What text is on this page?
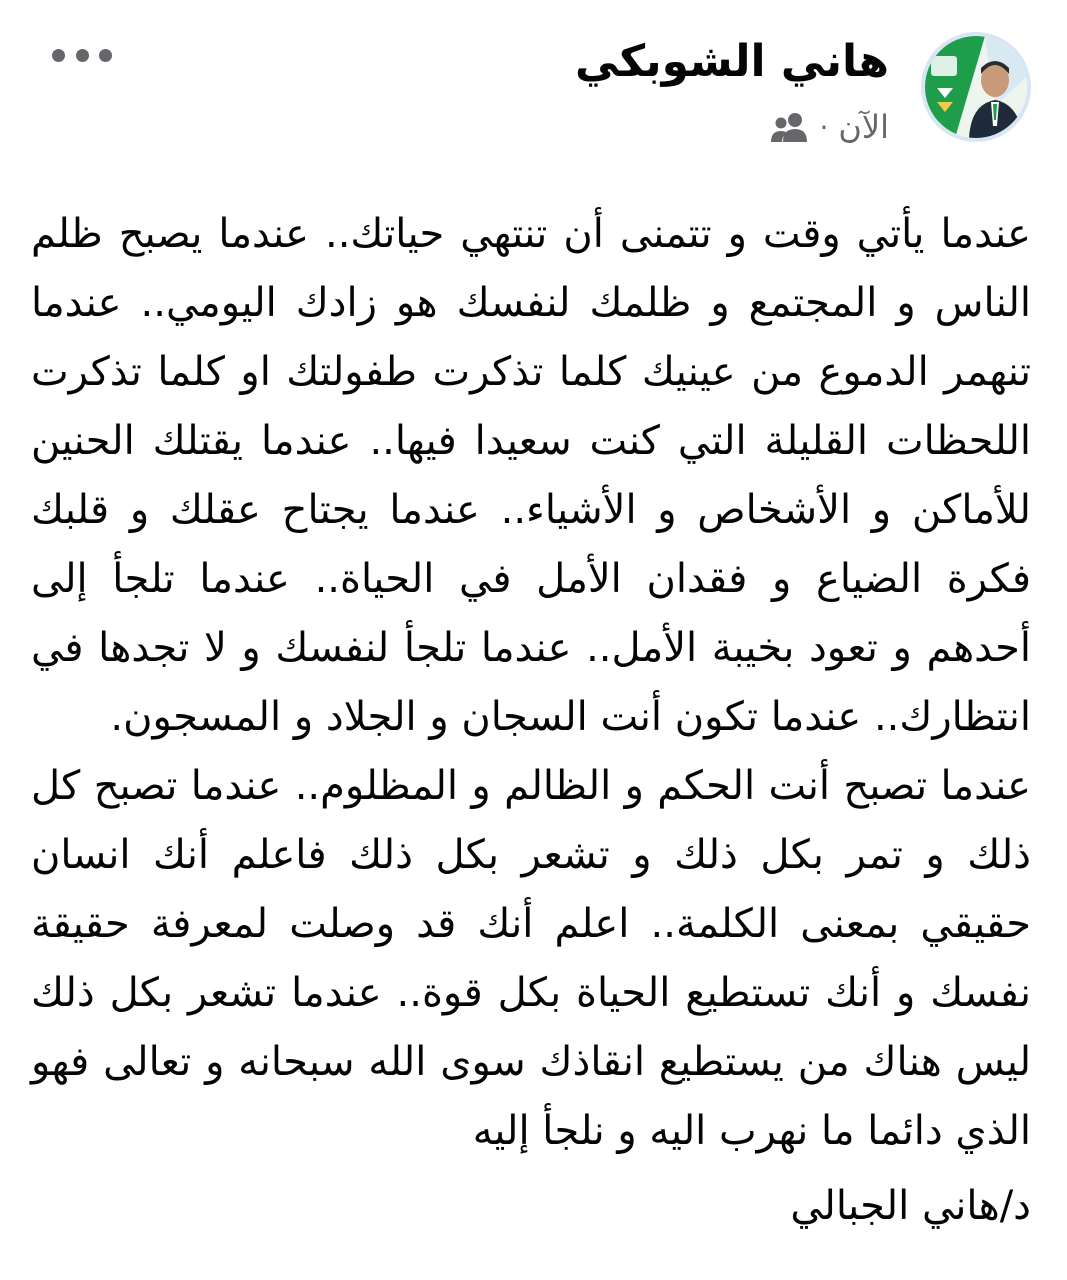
هاني الشوبكي
الآن
·
عندما يأتي وقت و تتمنى أن تنتهي حياتك.. عندما يصبح ظلم الناس و المجتمع و ظلمك لنفسك هو زادك اليومي.. عندما تنهمر الدموع من عينيك كلما تذكرت طفولتك او كلما تذكرت اللحظات القليلة التي كنت سعيدا فيها.. عندما يقتلك الحنين للأماكن و الأشخاص و الأشياء.. عندما يجتاح عقلك و قلبك فكرة الضياع و فقدان الأمل في الحياة.. عندما تلجأ إلى أحدهم و تعود بخيبة الأمل.. عندما تلجأ لنفسك و لا تجدها في انتظارك.. عندما تكون أنت السجان و الجلاد و المسجون.
عندما تصبح أنت الحكم و الظالم و المظلوم.. عندما تصبح كل ذلك و تمر بكل ذلك و تشعر بكل ذلك فاعلم أنك انسان حقيقي بمعنى الكلمة.. اعلم أنك قد وصلت لمعرفة حقيقة نفسك و أنك تستطيع الحياة بكل قوة.. عندما تشعر بكل ذلك ليس هناك من يستطيع انقاذك سوى الله سبحانه و تعالى فهو الذي دائما ما نهرب اليه و نلجأ إليه
د/هاني الجبالي
